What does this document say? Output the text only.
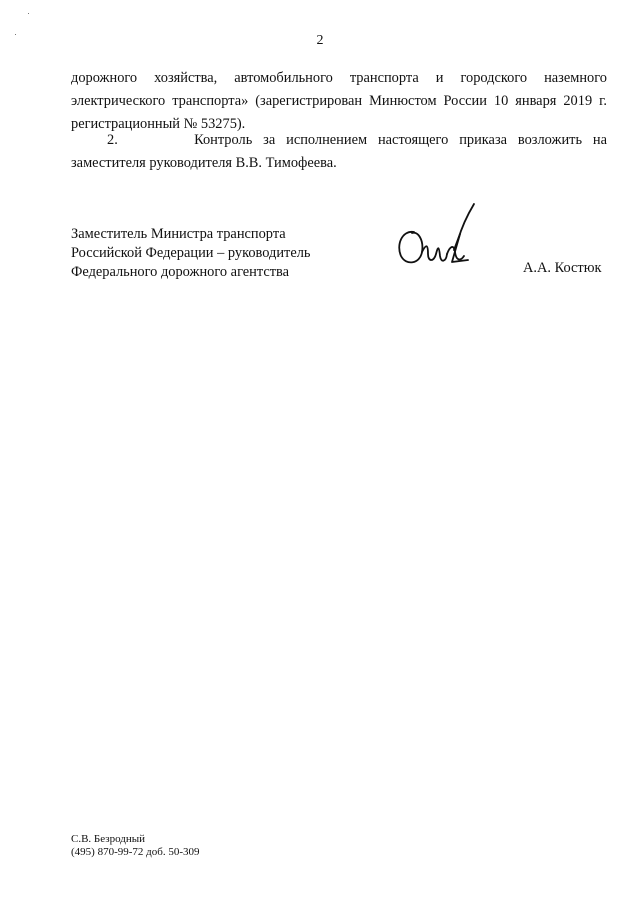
2
дорожного хозяйства, автомобильного транспорта и городского наземного
электрического транспорта» (зарегистрирован Минюстом России 10 января 2019 г.
регистрационный № 53275).
2.       Контроль за исполнением настоящего приказа возложить на
заместителя руководителя В.В. Тимофеева.
Заместитель Министра транспорта
Российской Федерации – руководитель
Федерального дорожного агентства	А.А. Костюк
С.В. Безродный
(495) 870-99-72 доб. 50-309
